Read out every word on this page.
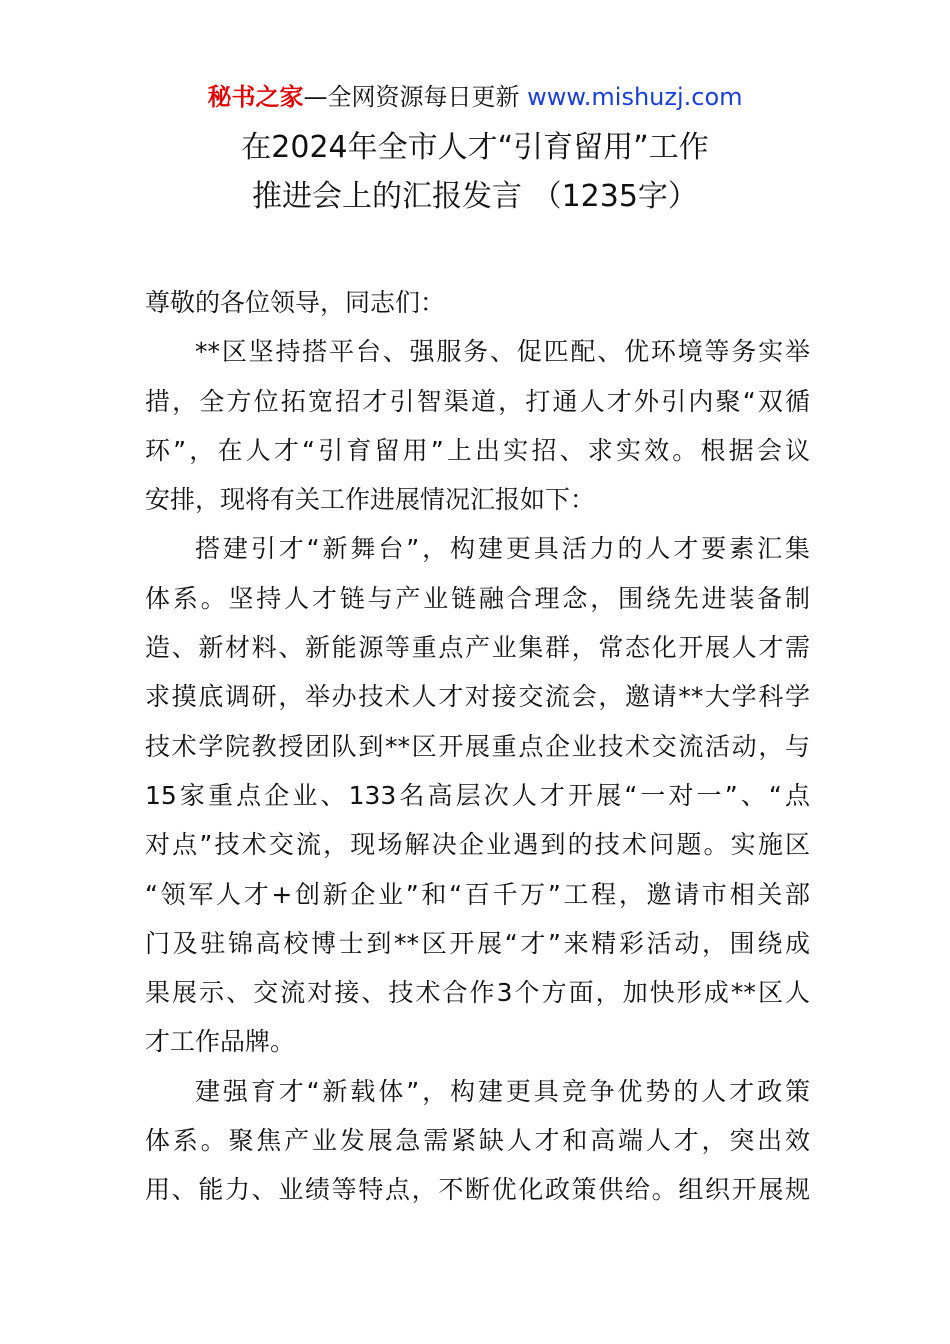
秘书之家—全网资源每日更新 www.mishuzj.com
在2024年全市人才“引育留用”工作
推进会上的汇报发言 （1235字）
尊敬的各位领导，同志们：
**区坚持搭平台、强服务、促匹配、优环境等务实举
措，全方位拓宽招才引智渠道，打通人才外引内聚“双循
环”，在人才“引育留用”上出实招、求实效。根据会议
安排，现将有关工作进展情况汇报如下：
搭建引才“新舞台”，构建更具活力的人才要素汇集
体系。坚持人才链与产业链融合理念，围绕先进装备制
造、新材料、新能源等重点产业集群，常态化开展人才需
求摸底调研，举办技术人才对接交流会，邀请**大学科学
技术学院教授团队到**区开展重点企业技术交流活动，与
15家重点企业、133名高层次人才开展“一对一”、“点
对点”技术交流，现场解决企业遇到的技术问题。实施区
“领军人才+创新企业”和“百千万”工程，邀请市相关部
门及驻锦高校博士到**区开展“才”来精彩活动，围绕成
果展示、交流对接、技术合作3个方面，加快形成**区人
才工作品牌。
建强育才“新载体”，构建更具竞争优势的人才政策
体系。聚焦产业发展急需紧缺人才和高端人才，突出效
用、能力、业绩等特点，不断优化政策供给。组织开展规
